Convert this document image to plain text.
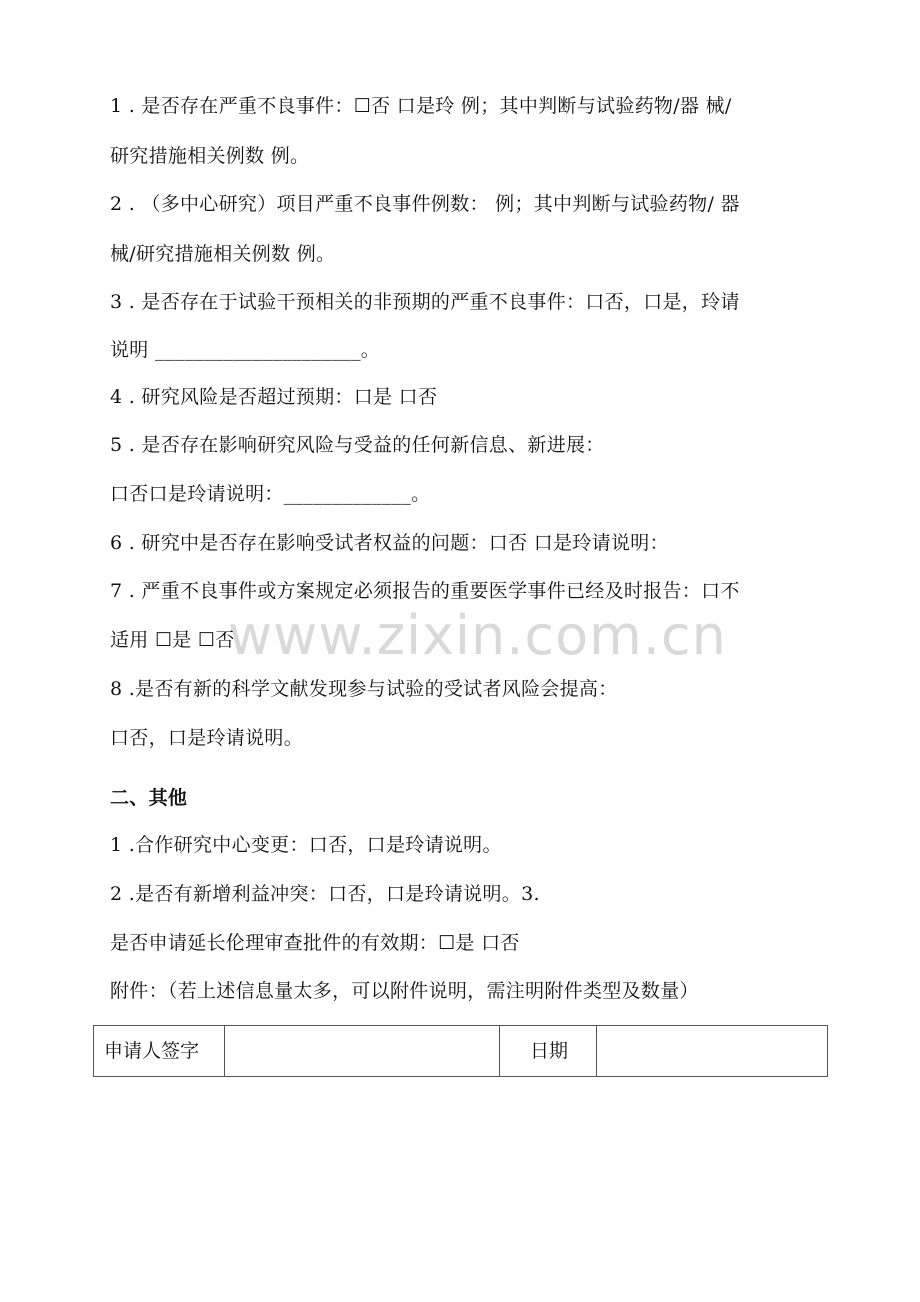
www.zixin.com.cn
1 . 是否存在严重不良事件：☐否 口是玲 例；其中判断与试验药物/器 械/
研究措施相关例数 例。
2 . （多中心研究）项目严重不良事件例数： 例；其中判断与试验药物/ 器
械/研究措施相关例数 例。
3 . 是否存在于试验干预相关的非预期的严重不良事件：口否，口是，玲请
说明 _____________________。
4 . 研究风险是否超过预期：口是 口否
5 . 是否存在影响研究风险与受益的任何新信息、新进展：
口否口是玲请说明：_____________。
6 . 研究中是否存在影响受试者权益的问题：口否 口是玲请说明：
7 . 严重不良事件或方案规定必须报告的重要医学事件已经及时报告：口不
适用 ☐是 ☐否
8 .是否有新的科学文献发现参与试验的受试者风险会提高：
口否，口是玲请说明。
二、其他
1 .合作研究中心变更：口否，口是玲请说明。
2 .是否有新增利益冲突：口否，口是玲请说明。3.
是否申请延长伦理审查批件的有效期：☐是 口否
附件：（若上述信息量太多，可以附件说明，需注明附件类型及数量）
申请人签字		日期	
